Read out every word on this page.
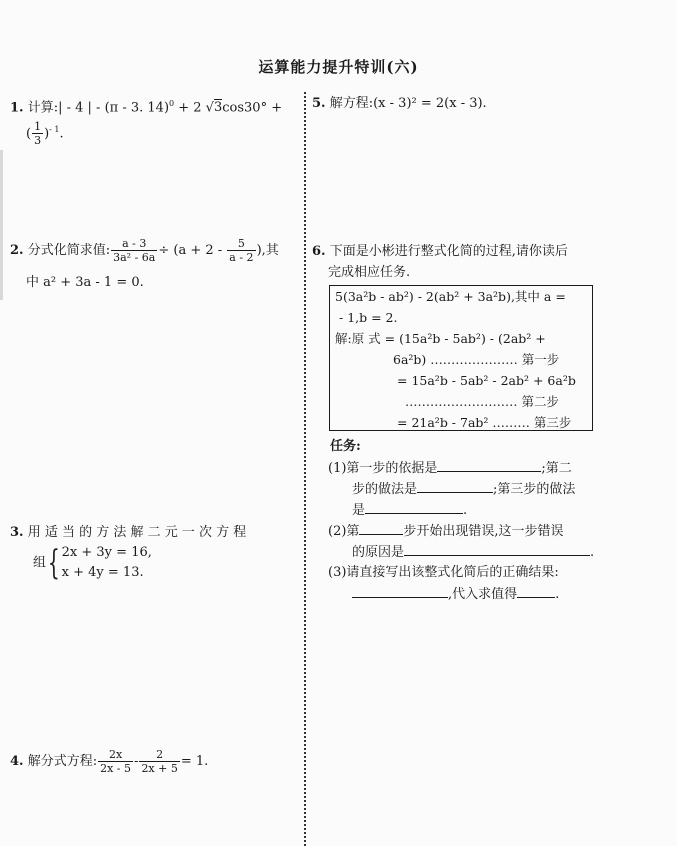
运算能力提升特训(六)
1. 计算:| - 4 | - (π - 3. 14)$^0$ + 2 √3cos30° +
( $\frac{1}{3} )^{- 1}$.
2. 分式化简求值: $\frac{a - 3}{\text{3a² - 6a}} \div (a + 2 - \frac{5}{a - 2}$ ),其
中 a² + 3a - 1 = 0.
3. 用 适 当 的 方 法 解 二 元 一 次 方 程
组{ 2x + 3y = 16,
x + 4y = 13.
4. 解分式方程: $\frac{2x}{2x - 5} - \frac{2}{2x + 5} = 1$.
5. 解方程:(x - 3)² = 2(x - 3).
6. 下面是小彬进行整式化简的过程,请你读后
完成相应任务.
5(3a²b - ab²) - 2(ab² + 3a²b),其中 a =
- 1,b = 2.
解:原 式 = (15a²b - 5ab²) - (2ab² +
6a²b) ………………… 第一步
= 15a²b - 5ab² - 2ab² + 6a²b
……………………… 第二步
= 21a²b - 7ab² ……… 第三步
任务:
(1)第一步的依据是	;第二
步的做法是	;第三步的做法
是	.
(2)第	步开始出现错误,这一步错误
的原因是	.
(3)请直接写出该整式化简后的正确结果:
,代入求值得	.
